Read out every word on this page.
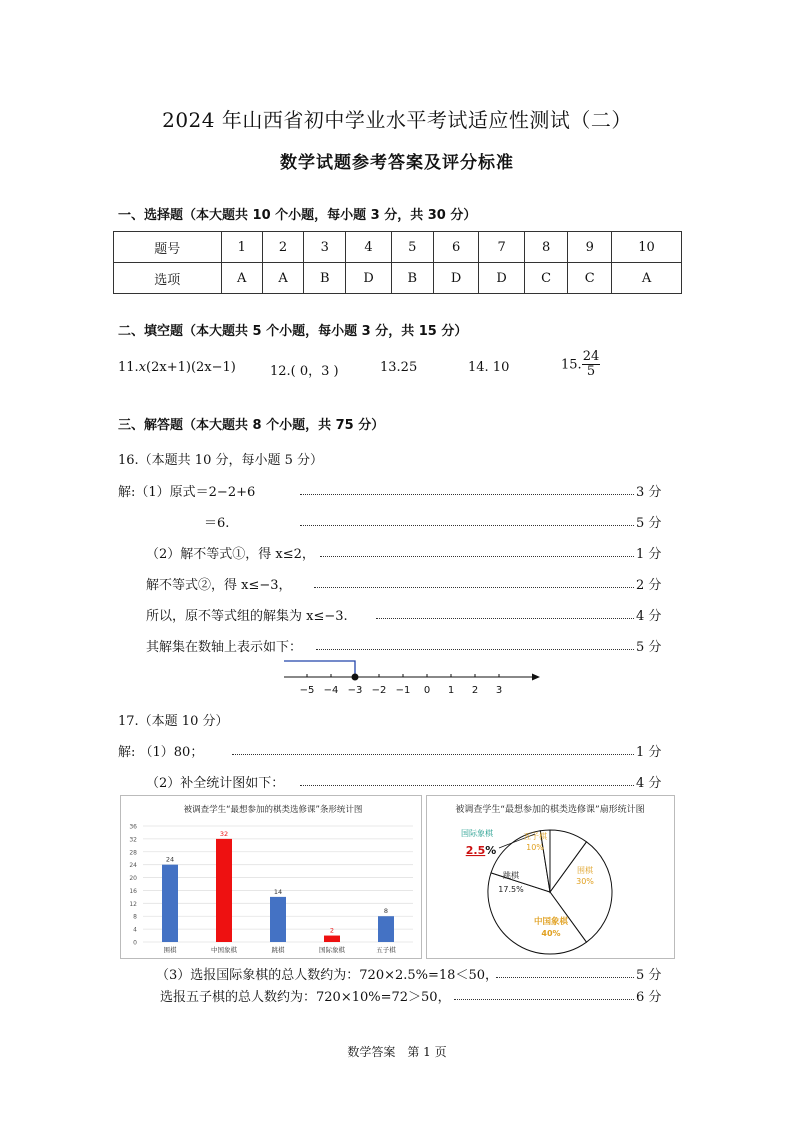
2024 年山西省初中学业水平考试适应性测试（二）
数学试题参考答案及评分标准
一、选择题（本大题共 10 个小题，每小题 3 分，共 30 分）
题号	1	2	3	4	5	6	7	8	9	10
选项	A	A	B	D	B	D	D	C	C	A
二、填空题（本大题共 5 个小题，每小题 3 分，共 15 分）
11.x(2x+1)(2x−1)	12.( 0，3 )	13.25	14. 10	15. $\frac{24}{5}$
三、解答题（本大题共 8 个小题，共 75 分）
16.（本题共 10 分，每小题 5 分）
解:（1）原式＝2−2+6	3 分
＝6.	5 分
（2）解不等式①，得 x≤2，	1 分
解不等式②，得 x≤−3，	2 分
所以，原不等式组的解集为 x≤−3.	4 分
其解集在数轴上表示如下：	5 分
−5 −4 −3 −2 −1 0 1 2 3
17.（本题 10 分）
解: （1）80；	1 分
（2）补全统计图如下：	4 分
被调查学生“最想参加的棋类选修课”条形统计图
0
4
8
12
16
20
24
28
32
36
24
围棋
32
中国象棋
14
跳棋
2
国际象棋
8
五子棋
被调查学生“最想参加的棋类选修课”扇形统计图
围棋
30%
中国象棋
40%
跳棋
17.5%
国际象棋
2.5%
五子棋
10%
（3）选报国际象棋的总人数约为：720×2.5%=18＜50，	5 分
选报五子棋的总人数约为：720×10%=72＞50，	6 分
数学答案　第 1 页
